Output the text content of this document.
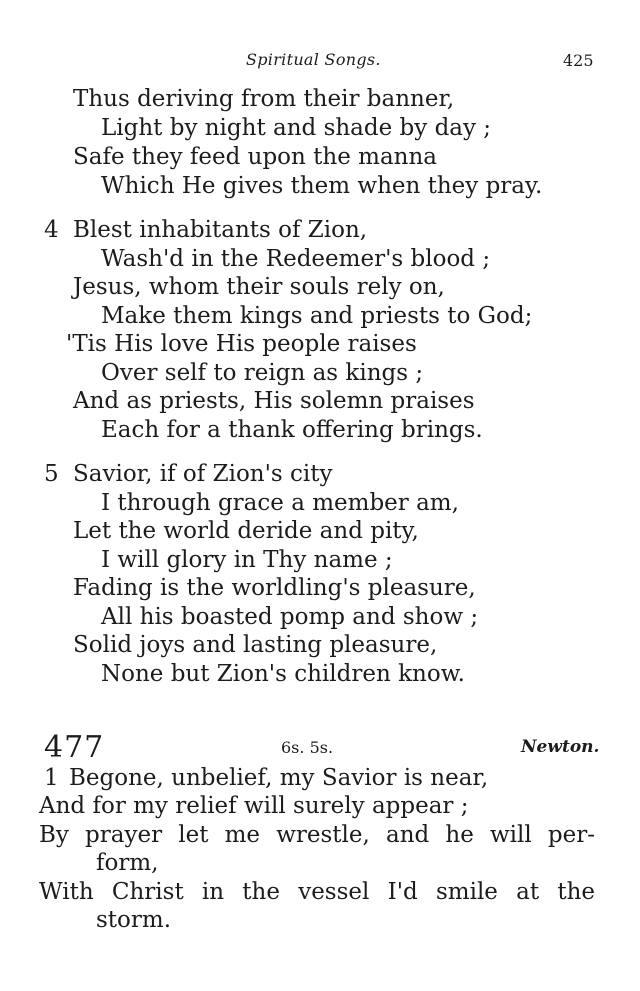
Spiritual Songs.	425
Thus deriving from their banner,
Light by night and shade by day ;
Safe they feed upon the manna
Which He gives them when they pray.
4 Blest inhabitants of Zion,
Wash'd in the Redeemer's blood ;
Jesus, whom their souls rely on,
Make them kings and priests to God;
'Tis His love His people raises
Over self to reign as kings ;
And as priests, His solemn praises
Each for a thank offering brings.
5 Savior, if of Zion's city
I through grace a member am,
Let the world deride and pity,
I will glory in Thy name ;
Fading is the worldling's pleasure,
All his boasted pomp and show ;
Solid joys and lasting pleasure,
None but Zion's children know.
477	6s. 5s.	Newton.
1 Begone, unbelief, my Savior is near,
And for my relief will surely appear ;
By prayer let me wrestle, and he will per-
form,
With Christ in the vessel I'd smile at the
storm.
